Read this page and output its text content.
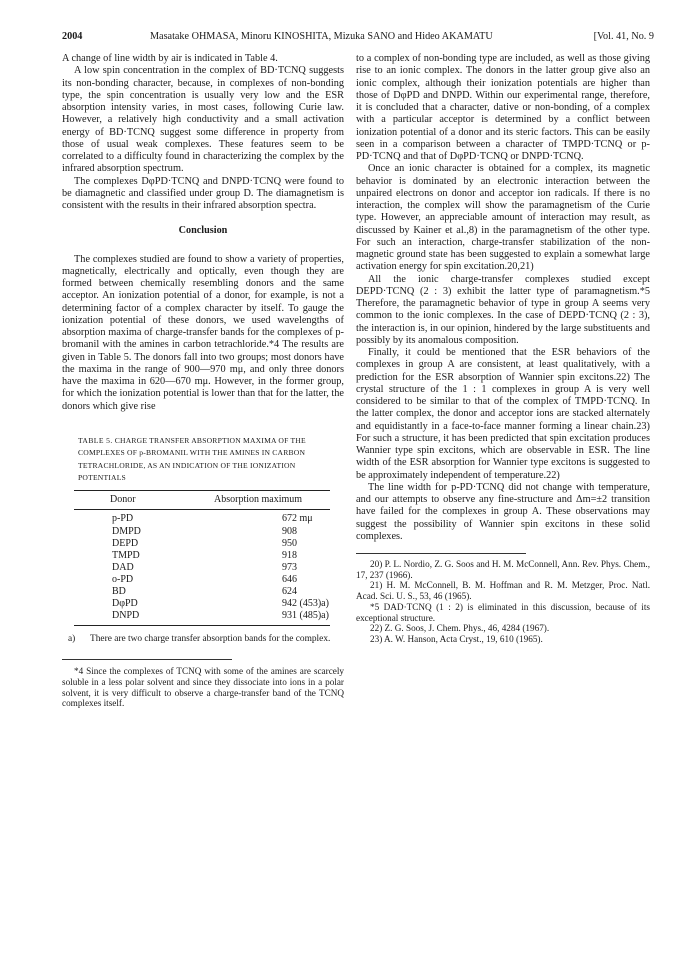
2004	Masatake OHMASA, Minoru KINOSHITA, Mizuka SANO and Hideo AKAMATU	[Vol. 41, No. 9

A change of line width by air is indicated in Table 4.

A low spin concentration in the complex of BD·TCNQ suggests its non-bonding character, because, in complexes of non-bonding type, the spin concentration is usually very low and the ESR absorption intensity varies, in most cases, following Curie law. However, a relatively high conductivity and a small activation energy of BD·TCNQ suggest some difference in property from those of usual weak complexes. These features seem to be correlated to a difficulty found in characterizing the complex by the infrared absorption spectrum.

The complexes DφPD·TCNQ and DNPD·TCNQ were found to be diamagnetic and classified under group D. The diamagnetism is consistent with the results in their infrared absorption spectra.

Conclusion

The complexes studied are found to show a variety of properties, magnetically, electrically and optically, even though they are formed between chemically resembling donors and the same acceptor. An ionization potential of a donor, for example, is not a determining factor of a complex character by itself. To gauge the ionization potential of these donors, we used wavelengths of absorption maxima of charge-transfer bands for the complexes of p-bromanil with the amines in carbon tetrachloride.*4 The results are given in Table 5. The donors fall into two groups; most donors have the maxima in the range of 900—970 mμ, and only three donors have the maxima in 620—670 mμ. However, in the former group, for which the ionization potential is lower than that for the latter, the donors which give rise

TABLE 5. CHARGE TRANSFER ABSORPTION MAXIMA OF THE COMPLEXES OF p-BROMANIL WITH THE AMINES IN CARBON TETRACHLORIDE, AS AN INDICATION OF THE IONIZATION POTENTIALS
Donor	Absorption maximum
p-PD	672 mμ
DMPD	908
DEPD	950
TMPD	918
DAD	973
o-PD	646
BD	624
DφPD	942 (453)a)
DNPD	931 (485)a)
a)	There are two charge transfer absorption bands for the complex.

*4 Since the complexes of TCNQ with some of the amines are scarcely soluble in a less polar solvent and since they dissociate into ions in a polar solvent, it is very difficult to observe a charge-transfer band of the TCNQ complexes itself.

to a complex of non-bonding type are included, as well as those giving rise to an ionic complex. The donors in the latter group give also an ionic complex, although their ionization potentials are higher than those of DφPD and DNPD. Within our experimental range, therefore, it is concluded that a character, dative or non-bonding, of a complex with a particular acceptor is determined by a conflict between ionization potential of a donor and its steric factors. This can be easily seen in a comparison between a character of TMPD·TCNQ or p-PD·TCNQ and that of DφPD·TCNQ or DNPD·TCNQ.

Once an ionic character is obtained for a complex, its magnetic behavior is dominated by an electronic interaction between the unpaired electrons on donor and acceptor ion radicals. If there is no interaction, the complex will show the paramagnetism of the Curie type. However, an appreciable amount of interaction may result, as discussed by Kainer et al.,8) in the paramagnetism of the other type. For such an interaction, charge-transfer stabilization of the non-magnetic ground state has been suggested to explain a somewhat large activation energy for spin excitation.20,21)

All the ionic charge-transfer complexes studied except DEPD·TCNQ (2 : 3) exhibit the latter type of paramagnetism.*5 Therefore, the paramagnetic behavior of type in group A seems very common to the ionic complexes. In the case of DEPD·TCNQ (2 : 3), the interaction is, in our opinion, hindered by the large substituents and possibly by its anomalous composition.

Finally, it could be mentioned that the ESR behaviors of the complexes in group A are consistent, at least qualitatively, with a prediction for the ESR absorption of Wannier spin excitons.22) The crystal structure of the 1 : 1 complexes in group A is very well considered to be similar to that of the complex of TMPD·TCNQ. In the latter complex, the donor and acceptor ions are stacked alternately and equidistantly in a face-to-face manner forming a linear chain.23) For such a structure, it has been predicted that spin excitation produces Wannier type spin excitons, which are observable in ESR. The line width of the ESR absorption for Wannier type excitons is suggested to be approximately independent of temperature.22)

The line width for p-PD·TCNQ did not change with temperature, and our attempts to observe any fine-structure and Δm=±2 transition have failed for the complexes in group A. These observations may suggest the possibility of Wannier spin excitons in these solid complexes.

20) P. L. Nordio, Z. G. Soos and H. M. McConnell, Ann. Rev. Phys. Chem., 17, 237 (1966).

21) H. M. McConnell, B. M. Hoffman and R. M. Metzger, Proc. Natl. Acad. Sci. U. S., 53, 46 (1965).

*5 DAD·TCNQ (1 : 2) is eliminated in this discussion, because of its exceptional structure.

22) Z. G. Soos, J. Chem. Phys., 46, 4284 (1967).

23) A. W. Hanson, Acta Cryst., 19, 610 (1965).
